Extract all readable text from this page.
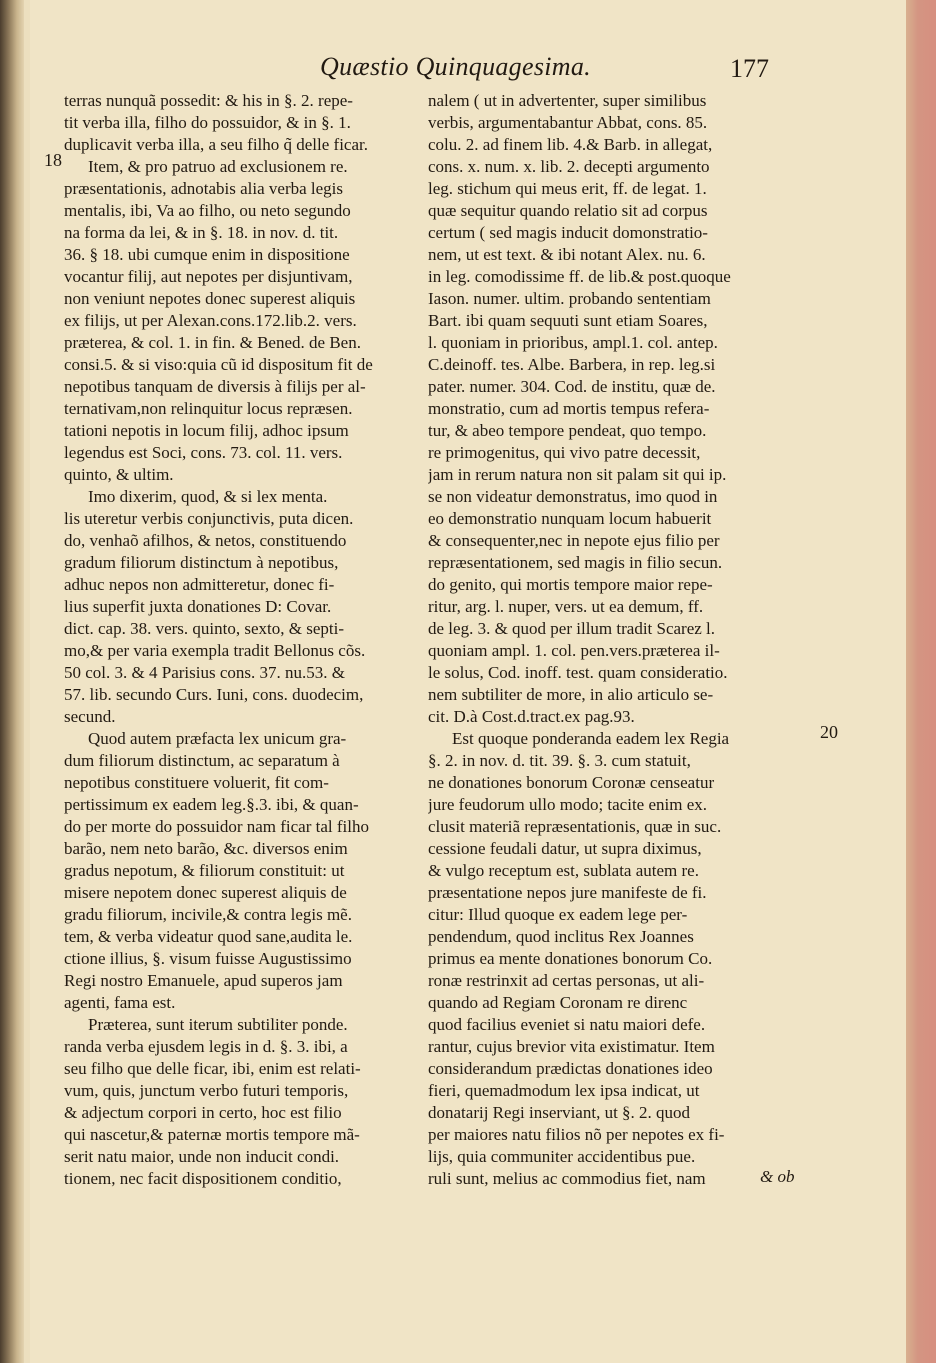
Quæstio Quinquagesima.	177
terras nunquã possedit: & his in §. 2. repe-
tit verba illa, filho do possuidor, & in §. 1.
duplicavit verba illa, a seu filho q̃ delle ficar.
Item, & pro patruo ad exclusionem re.
præsentationis, adnotabis alia verba legis
mentalis, ibi, Va ao filho, ou neto segundo
na forma da lei, & in §. 18. in nov. d. tit.
36. § 18. ubi cumque enim in dispositione
vocantur filij, aut nepotes per disjuntivam,
non veniunt nepotes donec superest aliquis
ex filijs, ut per Alexan.cons.172.lib.2. vers.
præterea, & col. 1. in fin. & Bened. de Ben.
consi.5. & si viso:quia cũ id dispositum fit de
nepotibus tanquam de diversis à filijs per al-
ternativam,non relinquitur locus repræsen.
tationi nepotis in locum filij, adhoc ipsum
legendus est Soci, cons. 73. col. 11. vers.
quinto, & ultim.
Imo dixerim, quod, & si lex menta.
lis uteretur verbis conjunctivis, puta dicen.
do, venhaõ afilhos, & netos, constituendo
gradum filiorum distinctum à nepotibus,
adhuc nepos non admitteretur, donec fi-
lius superfit juxta donationes D: Covar.
dict. cap. 38. vers. quinto, sexto, & septi-
mo,& per varia exempla tradit Bellonus cõs.
50 col. 3. & 4 Parisius cons. 37. nu.53. &
57. lib. secundo Curs. Iuni, cons. duodecim,
secund.
Quod autem præfacta lex unicum gra-
dum filiorum distinctum, ac separatum à
nepotibus constituere voluerit, fit com-
pertissimum ex eadem leg.§.3. ibi, & quan-
do per morte do possuidor nam ficar tal filho
barão, nem neto barão, &c. diversos enim
gradus nepotum, & filiorum constituit: ut
misere nepotem donec superest aliquis de
gradu filiorum, incivile,& contra legis mẽ.
tem, & verba videatur quod sane,audita le.
ctione illius, §. visum fuisse Augustissimo
Regi nostro Emanuele, apud superos jam
agenti, fama est.
Præterea, sunt iterum subtiliter ponde.
randa verba ejusdem legis in d. §. 3. ibi, a
seu filho que delle ficar, ibi, enim est relati-
vum, quis, junctum verbo futuri temporis,
& adjectum corpori in certo, hoc est filio
qui nascetur,& paternæ mortis tempore mã-
serit natu maior, unde non inducit condi.
tionem, nec facit dispositionem conditio,
nalem ( ut in advertenter, super similibus
verbis, argumentabantur Abbat, cons. 85.
colu. 2. ad finem lib. 4.& Barb. in allegat,
cons. x. num. x. lib. 2. decepti argumento
leg. stichum qui meus erit, ff. de legat. 1.
quæ sequitur quando relatio sit ad corpus
certum ( sed magis inducit domonstratio-
nem, ut est text. & ibi notant Alex. nu. 6.
in leg. comodissime ff. de lib.& post.quoque
Iason. numer. ultim. probando sententiam
Bart. ibi quam sequuti sunt etiam Soares,
l. quoniam in prioribus, ampl.1. col. antep.
C.deinoff. tes. Albe. Barbera, in rep. leg.si
pater. numer. 304. Cod. de institu, quæ de.
monstratio, cum ad mortis tempus refera-
tur, & abeo tempore pendeat, quo tempo.
re primogenitus, qui vivo patre decessit,
jam in rerum natura non sit palam sit qui ip.
se non videatur demonstratus, imo quod in
eo demonstratio nunquam locum habuerit
& consequenter,nec in nepote ejus filio per
repræsentationem, sed magis in filio secun.
do genito, qui mortis tempore maior repe-
ritur, arg. l. nuper, vers. ut ea demum, ff.
de leg. 3. & quod per illum tradit Scarez l.
quoniam ampl. 1. col. pen.vers.præterea il-
le solus, Cod. inoff. test. quam consideratio.
nem subtiliter de more, in alio articulo se-
cit. D.à Cost.d.tract.ex pag.93.
Est quoque ponderanda eadem lex Regia
§. 2. in nov. d. tit. 39. §. 3. cum statuit,
ne donationes bonorum Coronæ censeatur
jure feudorum ullo modo; tacite enim ex.
clusit materiã repræsentationis, quæ in suc.
cessione feudali datur, ut supra diximus,
& vulgo receptum est, sublata autem re.
præsentatione nepos jure manifeste de fi.
citur: Illud quoque ex eadem lege per-
pendendum, quod inclitus Rex Joannes
primus ea mente donationes bonorum Co.
ronæ restrinxit ad certas personas, ut ali-
quando ad Regiam Coronam re direnc
quod facilius eveniet si natu maiori defe.
rantur, cujus brevior vita existimatur. Item
considerandum prædictas donationes ideo
fieri, quemadmodum lex ipsa indicat, ut
donatarij Regi inserviant, ut §. 2. quod
per maiores natu filios nõ per nepotes ex fi-
lijs, quia communiter accidentibus pue.
ruli sunt, melius ac commodius fiet, nam
18
20
& ob
